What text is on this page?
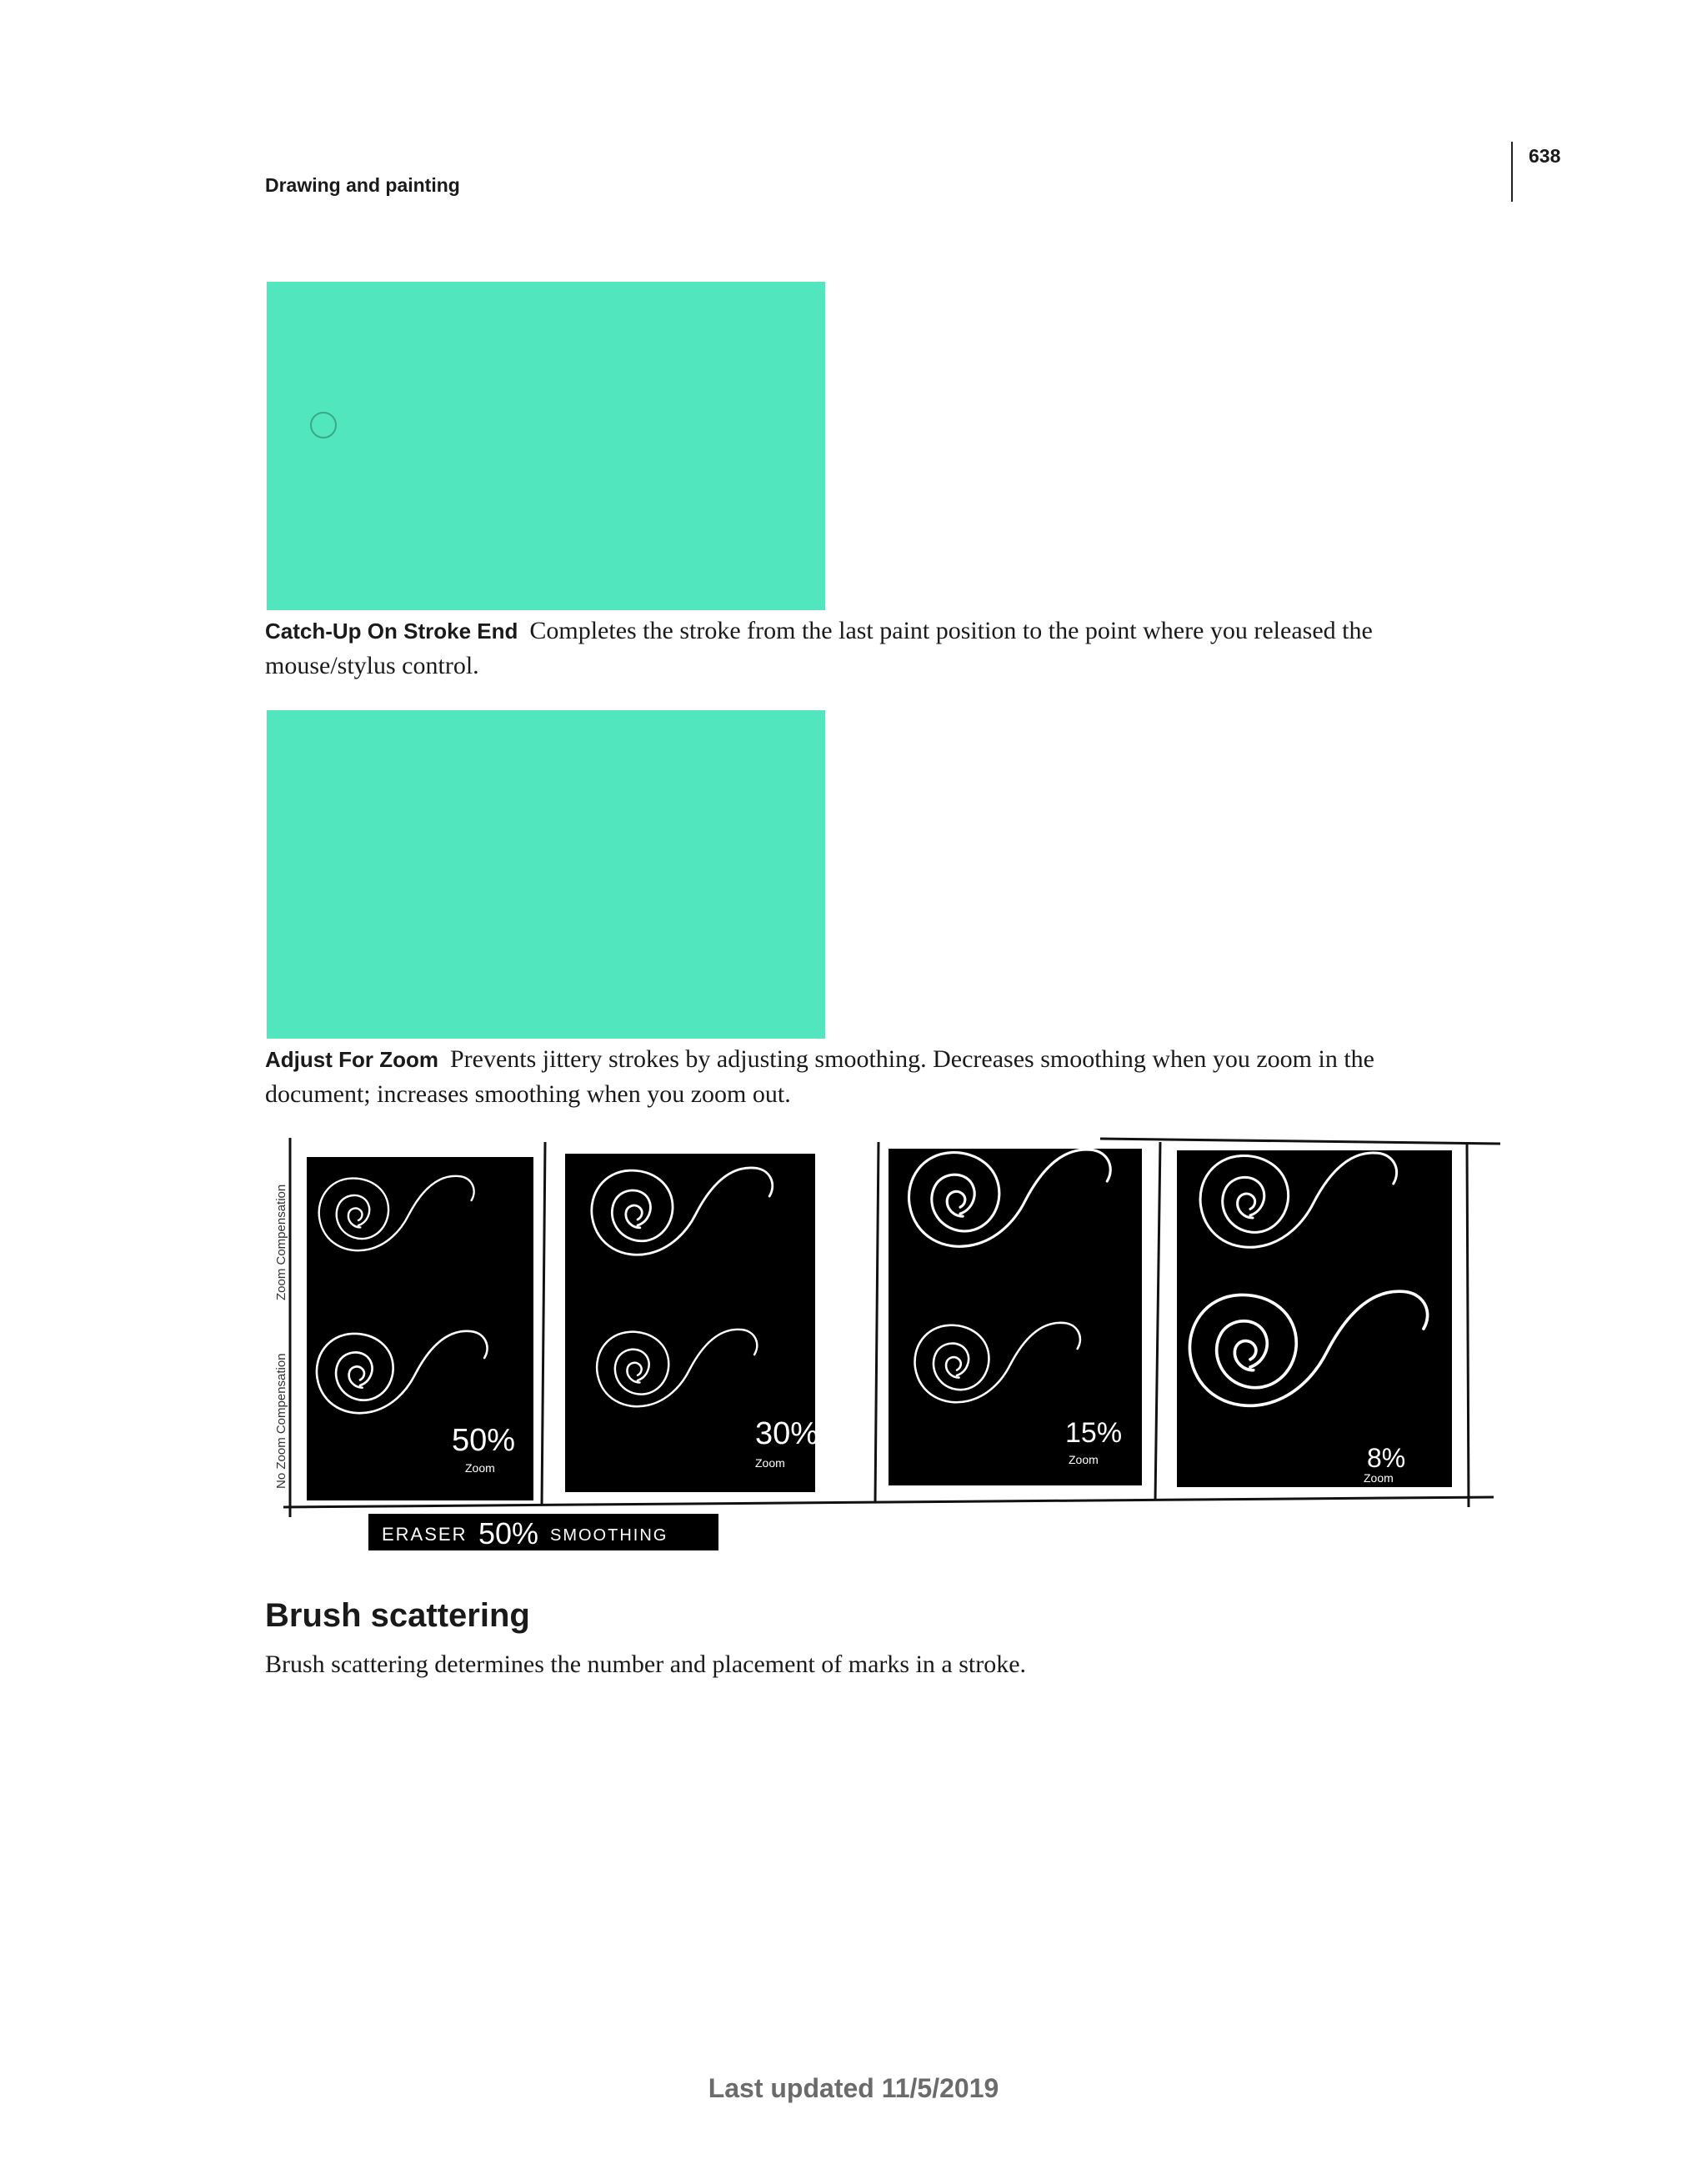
Drawing and painting
638
Catch-Up On Stroke End Completes the stroke from the last paint position to the point where you released the mouse/stylus control.
Adjust For Zoom Prevents jittery strokes by adjusting smoothing. Decreases smoothing when you zoom in the document; increases smoothing when you zoom out.
Zoom Compensation
No Zoom Compensation	50%
Zoom
30%
Zoom
15%
Zoom	8%
Zoom
ERASER 50% SMOOTHING
Brush scattering
Brush scattering determines the number and placement of marks in a stroke.
Last updated 11/5/2019
